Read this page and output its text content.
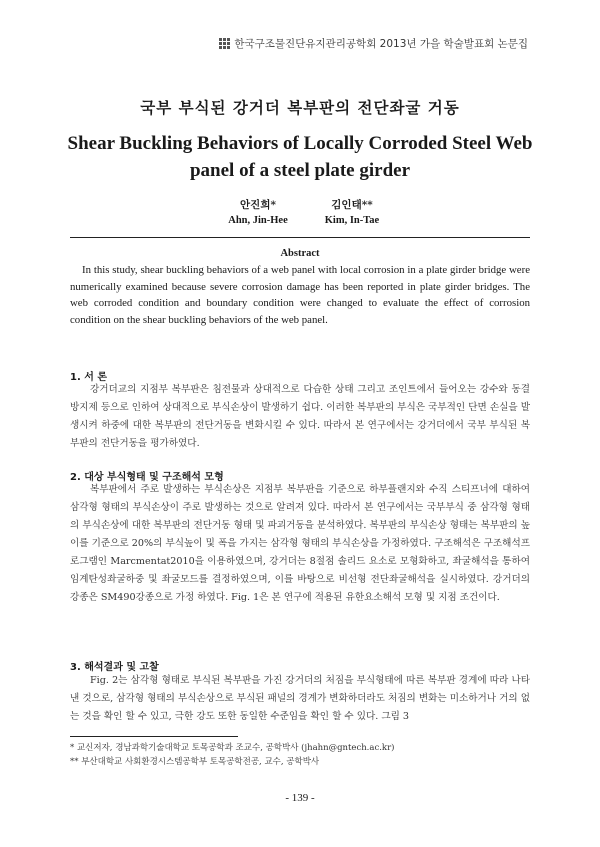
한국구조물진단유지관리공학회 2013년 가을 학술발표회 논문집
국부 부식된 강거더 복부판의 전단좌굴 거동
Shear Buckling Behaviors of Locally Corroded Steel Web panel of a steel plate girder
안진희*
Ahn, Jin-Hee
김인태**
Kim, In-Tae
Abstract

In this study, shear buckling behaviors of a web panel with local corrosion in a plate girder bridge were numerically examined because severe corrosion damage has been reported in plate girder bridges. The web corroded condition and boundary condition were changed to evaluate the effect of corrosion condition on the shear buckling behaviors of the web panel.

1. 서 론

강거더교의 지점부 복부판은 침전물과 상대적으로 다습한 상태 그리고 조인트에서 들어오는 강수와 동결방지제 등으로 인하여 상대적으로 부식손상이 발생하기 쉽다. 이러한 복부판의 부식은 국부적인 단면 손실을 발생시켜 하중에 대한 복부판의 전단거동을 변화시킬 수 있다. 따라서 본 연구에서는 강거더에서 국부 부식된 복부판의 전단거동을 평가하였다.

2. 대상 부식형태 및 구조해석 모형

복부판에서 주로 발생하는 부식손상은 지점부 복부판을 기준으로 하부플랜지와 수직 스티프너에 대하여 삼각형 형태의 부식손상이 주로 발생하는 것으로 알려져 있다. 따라서 본 연구에서는 국부부식 중 삼각형 형태의 부식손상에 대한 복부판의 전단거동 형태 및 파괴거동을 분석하였다. 복부판의 부식손상 형태는 복부판의 높이를 기준으로 20%의 부식높이 및 폭을 가지는 삼각형 형태의 부식손상을 가정하였다. 구조해석은 구조해석프로그램인 Marcmentat2010을 이용하였으며, 강거더는 8절점 솔리드 요소로 모형화하고, 좌굴해석을 통하여 임계탄성좌굴하중 및 좌굴모드를 결정하였으며, 이를 바탕으로 비선형 전단좌굴해석을 실시하였다. 강거더의 강종은 SM490강종으로 가정 하였다. Fig. 1은 본 연구에 적용된 유한요소해석 모형 및 지점 조건이다.

3. 해석결과 및 고찰

Fig. 2는 삼각형 형태로 부식된 복부판을 가진 강거더의 처짐을 부식형태에 따른 복부판 경계에 따라 나타낸 것으로, 삼각형 형태의 부식손상으로 부식된 패널의 경계가 변화하더라도 처짐의 변화는 미소하거나 거의 없는 것을 확인 할 수 있고, 극한 강도 또한 동일한 수준임을 확인 할 수 있다. 그림 3

* 교신저자, 경남과학기술대학교 토목공학과 조교수, 공학박사 (jhahn@gntech.ac.kr)
** 부산대학교 사회환경시스템공학부 토목공학전공, 교수, 공학박사
- 139 -
